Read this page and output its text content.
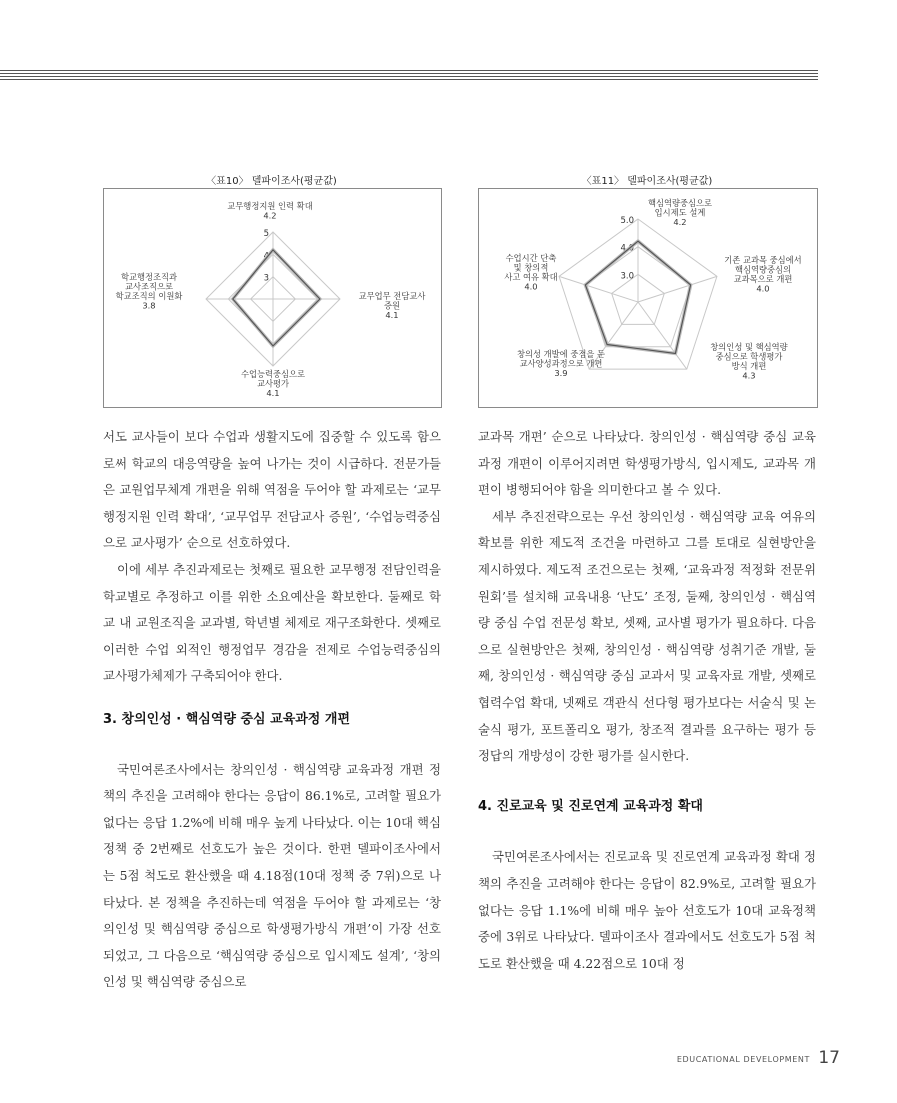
〈표10〉 델파이조사(평균값)
3
4
5
교무행정지원 인력 확대
4.2
교무업무 전담교사
증원
4.1
수업능력중심으로
교사평가
4.1
학교행정조직과
교사조직으로
학교조직의 이원화
3.8
〈표11〉 델파이조사(평균값)
3.0
4.0
5.0
핵심역량중심으로
입시제도 설계
4.2
기존 교과목 중심에서
핵심역량중심의
교과목으로 개편
4.0
창의인성 및 핵심역량
중심으로 학생평가
방식 개편
4.3
창의성 개발에 중점을 둔
교사양성과정으로 개편
3.9
수업시간 단축
및 창의적
사고 여유 확대
4.0

서도 교사들이 보다 수업과 생활지도에 집중할 수 있도록 함으로써 학교의 대응역량을 높여 나가는 것이 시급하다. 전문가들은 교원업무체계 개편을 위해 역점을 두어야 할 과제로는 ‘교무행정지원 인력 확대’, ‘교무업무 전담교사 증원’, ‘수업능력중심으로 교사평가’ 순으로 선호하였다.

이에 세부 추진과제로는 첫째로 필요한 교무행정 전담인력을 학교별로 추정하고 이를 위한 소요예산을 확보한다. 둘째로 학교 내 교원조직을 교과별, 학년별 체제로 재구조화한다. 셋째로 이러한 수업 외적인 행정업무 경감을 전제로 수업능력중심의 교사평가체제가 구축되어야 한다.

3. 창의인성 · 핵심역량 중심 교육과정 개편

국민여론조사에서는 창의인성 · 핵심역량 교육과정 개편 정책의 추진을 고려해야 한다는 응답이 86.1%로, 고려할 필요가 없다는 응답 1.2%에 비해 매우 높게 나타났다. 이는 10대 핵심정책 중 2번째로 선호도가 높은 것이다. 한편 델파이조사에서는 5점 척도로 환산했을 때 4.18점(10대 정책 중 7위)으로 나타났다. 본 정책을 추진하는데 역점을 두어야 할 과제로는 ‘창의인성 및 핵심역량 중심으로 학생평가방식 개편’이 가장 선호되었고, 그 다음으로 ‘핵심역량 중심으로 입시제도 설계’, ‘창의인성 및 핵심역량 중심으로

교과목 개편’ 순으로 나타났다. 창의인성 · 핵심역량 중심 교육과정 개편이 이루어지려면 학생평가방식, 입시제도, 교과목 개편이 병행되어야 함을 의미한다고 볼 수 있다.

세부 추진전략으로는 우선 창의인성 · 핵심역량 교육 여유의 확보를 위한 제도적 조건을 마련하고 그를 토대로 실현방안을 제시하였다. 제도적 조건으로는 첫째, ‘교육과정 적정화 전문위원회’를 설치해 교육내용 ‘난도’ 조정, 둘째, 창의인성 · 핵심역량 중심 수업 전문성 확보, 셋째, 교사별 평가가 필요하다. 다음으로 실현방안은 첫째, 창의인성 · 핵심역량 성취기준 개발, 둘째, 창의인성 · 핵심역량 중심 교과서 및 교육자료 개발, 셋째로 협력수업 확대, 넷째로 객관식 선다형 평가보다는 서술식 및 논술식 평가, 포트폴리오 평가, 창조적 결과를 요구하는 평가 등 정답의 개방성이 강한 평가를 실시한다.

4. 진로교육 및 진로연계 교육과정 확대

국민여론조사에서는 진로교육 및 진로연계 교육과정 확대 정책의 추진을 고려해야 한다는 응답이 82.9%로, 고려할 필요가 없다는 응답 1.1%에 비해 매우 높아 선호도가 10대 교육정책 중에 3위로 나타났다. 델파이조사 결과에서도 선호도가 5점 척도로 환산했을 때 4.22점으로 10대 정

EDUCATIONAL DEVELOPMENT 17
